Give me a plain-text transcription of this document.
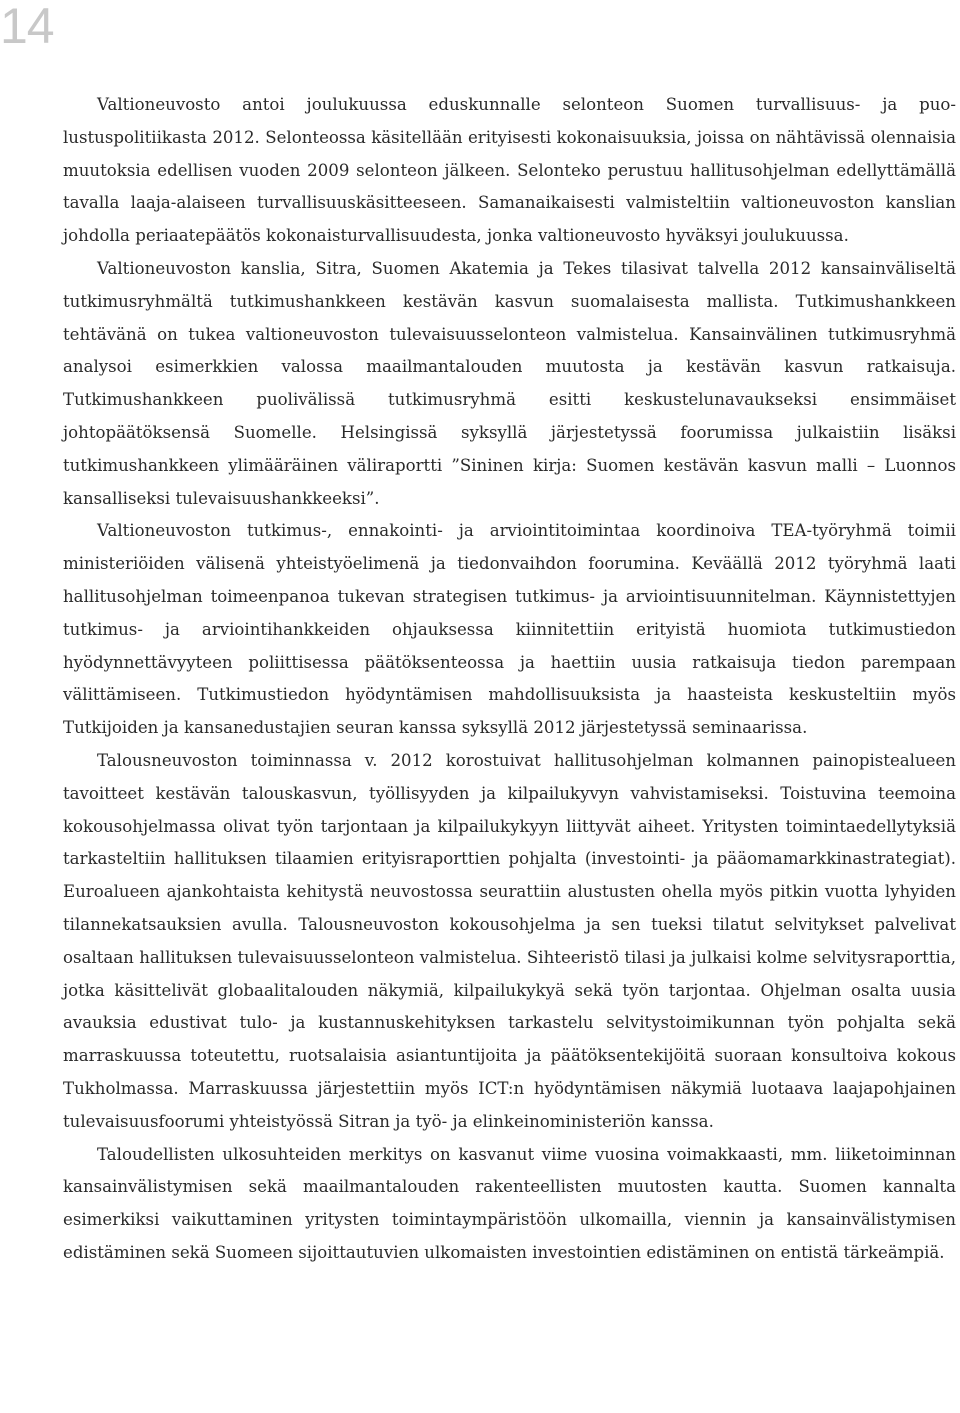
14

Valtioneuvosto antoi joulukuussa eduskunnalle selonteon Suomen turvallisuus- ja puolustuspolitiikasta 2012. Selonteossa käsitellään erityisesti kokonaisuuksia, joissa on nähtävissä olennaisia muutoksia edellisen vuoden 2009 selonteon jälkeen. Selonteko perustuu hallitusohjelman edellyttämällä tavalla laaja-alaiseen turvallisuuskäsitteeseen. Samanaikaisesti valmisteltiin valtioneuvoston kanslian johdolla periaatepäätös kokonaisturvallisuudesta, jonka valtioneuvosto hyväksyi joulukuussa.

Valtioneuvoston kanslia, Sitra, Suomen Akatemia ja Tekes tilasivat talvella 2012 kansainväliseltä tutkimusryhmältä tutkimushankkeen kestävän kasvun suomalaisesta mallista. Tutkimushankkeen tehtävänä on tukea valtioneuvoston tulevaisuusselonteon valmistelua. Kansainvälinen tutkimusryhmä analysoi esimerkkien valossa maailmantalouden muutosta ja kestävän kasvun ratkaisuja. Tutkimushankkeen puolivälissä tutkimusryhmä esitti keskustelunavaukseksi ensimmäiset johtopäätöksensä Suomelle. Helsingissä syksyllä järjestetyssä foorumissa julkaistiin lisäksi tutkimushankkeen ylimääräinen väliraportti ”Sininen kirja: Suomen kestävän kasvun malli – Luonnos kansalliseksi tulevaisuushankkeeksi”.

Valtioneuvoston tutkimus-, ennakointi- ja arviointitoimintaa koordinoiva TEA-työryhmä toimii ministeriöiden välisenä yhteistyöelimenä ja tiedonvaihdon foorumina. Keväällä 2012 työryhmä laati hallitusohjelman toimeenpanoa tukevan strategisen tutkimus- ja arviointisuunnitelman. Käynnistettyjen tutkimus- ja arviointihankkeiden ohjauksessa kiinnitettiin erityistä huomiota tutkimustiedon hyödynnettävyyteen poliittisessa päätöksenteossa ja haettiin uusia ratkaisuja tiedon parempaan välittämiseen. Tutkimustiedon hyödyntämisen mahdollisuuksista ja haasteista keskusteltiin myös Tutkijoiden ja kansanedustajien seuran kanssa syksyllä 2012 järjestetyssä seminaarissa.

Talousneuvoston toiminnassa v. 2012 korostuivat hallitusohjelman kolmannen painopistealueen tavoitteet kestävän talouskasvun, työllisyyden ja kilpailukyvyn vahvistamiseksi. Toistuvina teemoina kokousohjelmassa olivat työn tarjontaan ja kilpailukykyyn liittyvät aiheet. Yritysten toimintaedellytyksiä tarkasteltiin hallituksen tilaamien erityisraporttien pohjalta (investointi- ja pääomamarkkinastrategiat). Euroalueen ajankohtaista kehitystä neuvostossa seurattiin alustusten ohella myös pitkin vuotta lyhyiden tilannekatsauksien avulla. Talousneuvoston kokousohjelma ja sen tueksi tilatut selvitykset palvelivat osaltaan hallituksen tulevaisuusselonteon valmistelua. Sihteeristö tilasi ja julkaisi kolme selvitysraporttia, jotka käsittelivät globaalitalouden näkymiä, kilpailukykyä sekä työn tarjontaa. Ohjelman osalta uusia avauksia edustivat tulo- ja kustannuskehityksen tarkastelu selvitystoimikunnan työn pohjalta sekä marraskuussa toteutettu, ruotsalaisia asiantuntijoita ja päätöksentekijöitä suoraan konsultoiva kokous Tukholmassa. Marraskuussa järjestettiin myös ICT:n hyödyntämisen näkymiä luotaava laajapohjainen tulevaisuusfoorumi yhteistyössä Sitran ja työ- ja elinkeinoministeriön kanssa.

Taloudellisten ulkosuhteiden merkitys on kasvanut viime vuosina voimakkaasti, mm. liiketoiminnan kansainvälistymisen sekä maailmantalouden rakenteellisten muutosten kautta. Suomen kannalta esimerkiksi vaikuttaminen yritysten toimintaympäristöön ulkomailla, viennin ja kansainvälistymisen edistäminen sekä Suomeen sijoittautuvien ulkomaisten investointien edistäminen on entistä tärkeämpiä.
